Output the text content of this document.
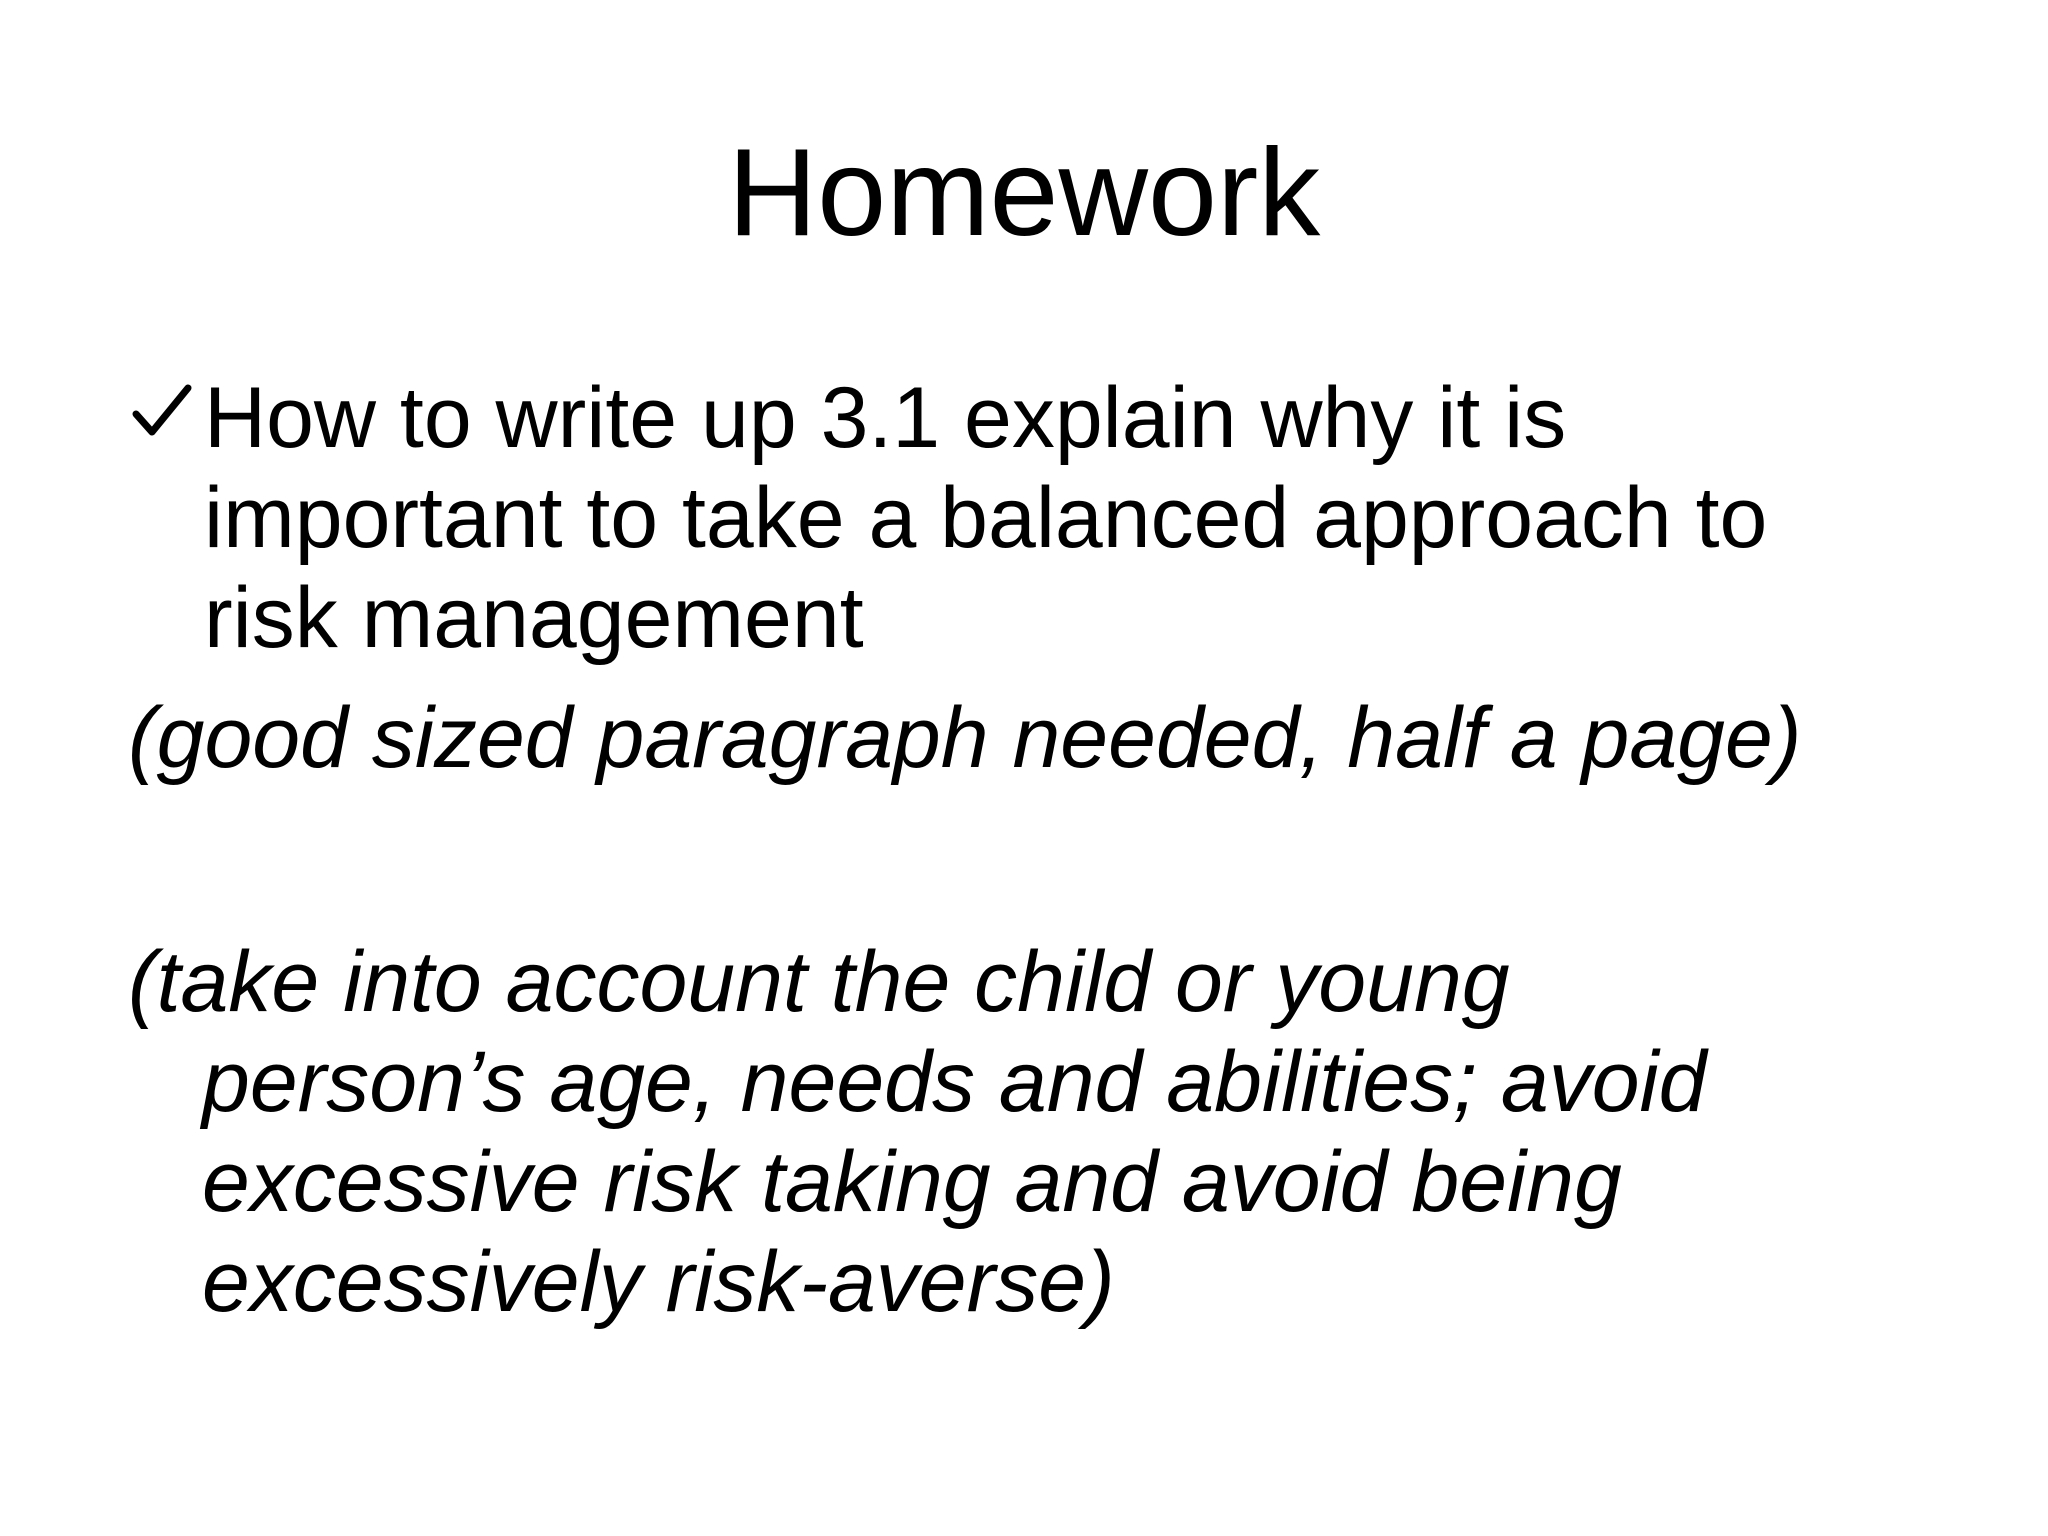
Homework

How to write up 3.1 explain why it is important to take a balanced approach to risk management

(good sized paragraph needed, half a page)

(take into account the child or young person’s age, needs and abilities; avoid excessive risk taking and avoid being excessively risk-averse)
